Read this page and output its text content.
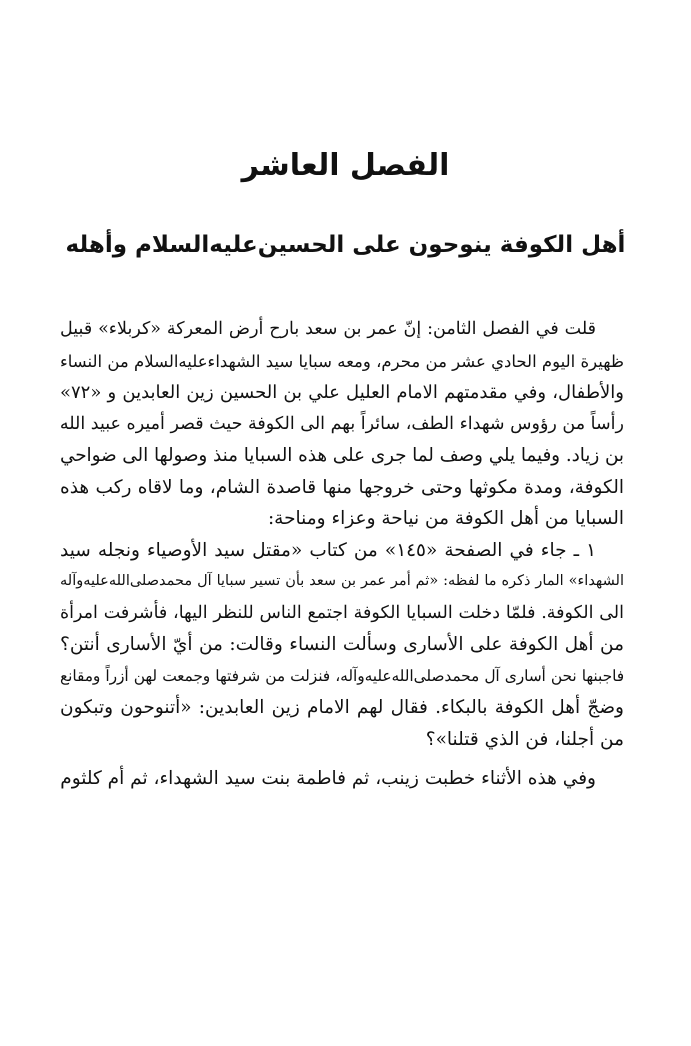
الفصل العاشر
أهل الكوفة ينوحون على الحسين‌عليه‌السلام وأهله

قلت في الفصل الثامن: إنّ عمر بن سعد بارح أرض المعركة «كربلاء» قبيل
ظهيرة اليوم الحادي عشر من محرم، ومعه سبايا سيد الشهداءعليه‌السلام من النساء
والأطفال، وفي مقدمتهم الامام العليل علي بن الحسين زين العابدين و «٧٢»
رأساً من رؤوس شهداء الطف، سائراً بهم الى الكوفة حيث قصر أميره عبيد الله
بن زياد. وفيما يلي وصف لما جرى على هذه السبايا منذ وصولها الى ضواحي
الكوفة، ومدة مكوثها وحتى خروجها منها قاصدة الشام، وما لاقاه ركب هذه
السبايا من أهل الكوفة من نياحة وعزاء ومناحة:

١ ـ جاء في الصفحة «١٤٥» من كتاب «مقتل سيد الأوصياء ونجله سيد
الشهداء» المار ذكره ما لفظه: «ثم أمر عمر بن سعد بأن تسير سبايا آل محمدصلى‌الله‌عليه‌وآله
الى الكوفة. فلمّا دخلت السبايا الكوفة اجتمع الناس للنظر اليها، فأشرفت امرأة
من أهل الكوفة على الأسارى وسألت النساء وقالت: من أيّ الأسارى أنتن؟
فاجبنها نحن أسارى آل محمدصلى‌الله‌عليه‌وآله، فنزلت من شرفتها وجمعت لهن أزراً ومقانع
وضجّ أهل الكوفة بالبكاء. فقال لهم الامام زين العابدين: «أتنوحون وتبكون
من أجلنا، فن الذي قتلنا»؟

وفي هذه الأثناء خطبت زينب، ثم فاطمة بنت سيد الشهداء، ثم أم كلثوم
